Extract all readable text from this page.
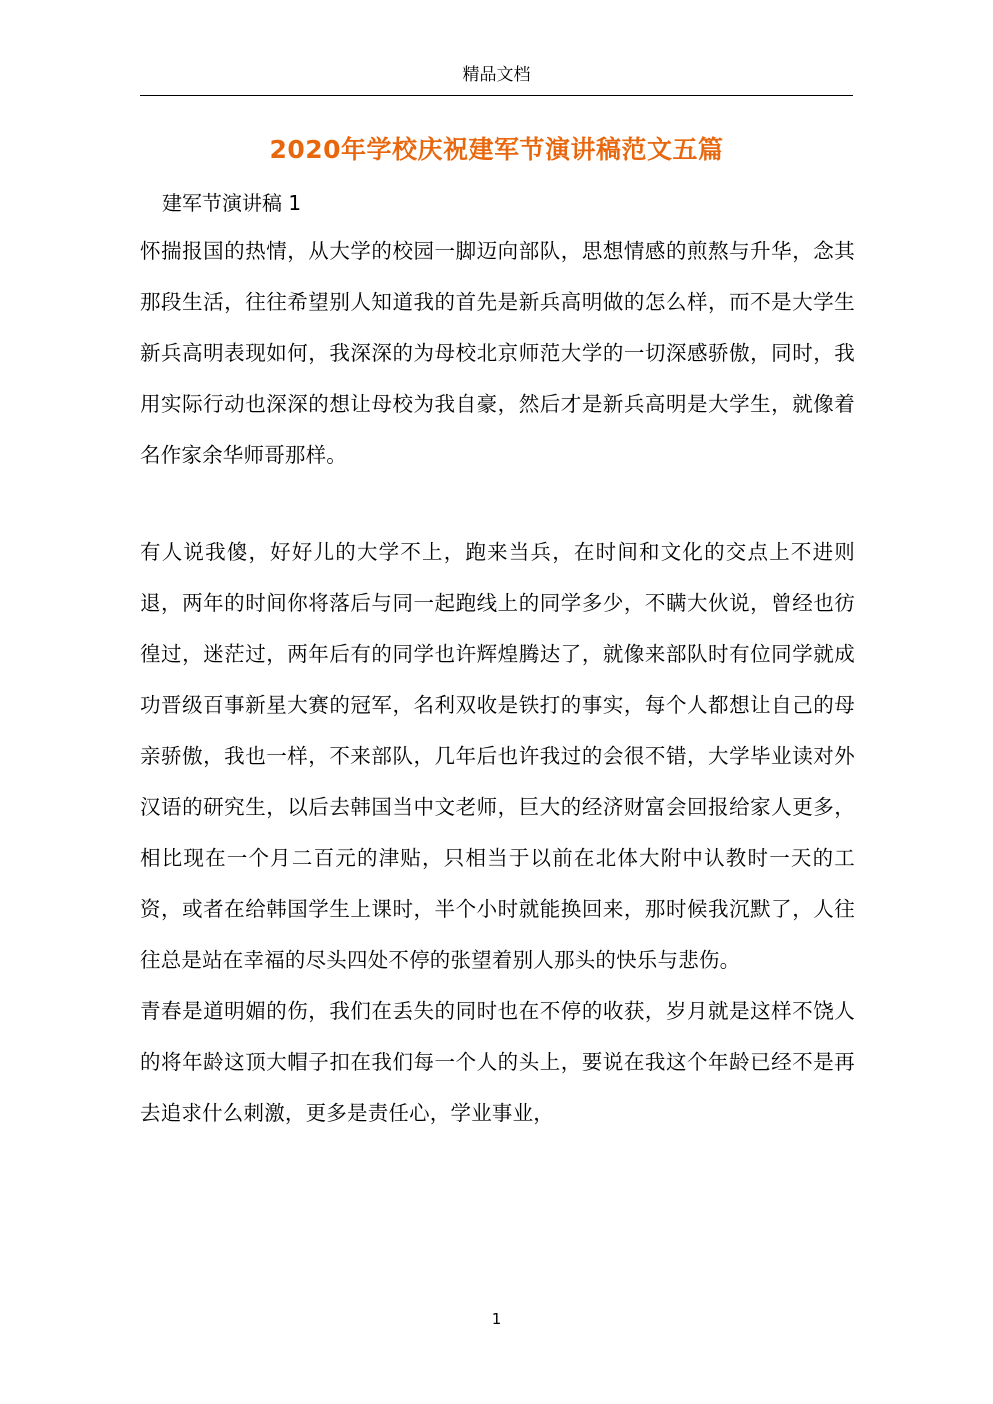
精品文档
2020年学校庆祝建军节演讲稿范文五篇
建军节演讲稿 1

怀揣报国的热情，从大学的校园一脚迈向部队，思想情感的煎熬与升华，念其那段生活，往往希望别人知道我的首先是新兵高明做的怎么样，而不是大学生新兵高明表现如何，我深深的为母校北京师范大学的一切深感骄傲，同时，我用实际行动也深深的想让母校为我自豪，然后才是新兵高明是大学生，就像着名作家余华师哥那样。

有人说我傻，好好儿的大学不上，跑来当兵，在时间和文化的交点上不进则退，两年的时间你将落后与同一起跑线上的同学多少，不瞒大伙说，曾经也彷徨过，迷茫过，两年后有的同学也许辉煌腾达了，就像来部队时有位同学就成功晋级百事新星大赛的冠军，名利双收是铁打的事实，每个人都想让自己的母亲骄傲，我也一样，不来部队，几年后也许我过的会很不错，大学毕业读对外汉语的研究生，以后去韩国当中文老师，巨大的经济财富会回报给家人更多，相比现在一个月二百元的津贴，只相当于以前在北体大附中认教时一天的工资，或者在给韩国学生上课时，半个小时就能换回来，那时候我沉默了，人往往总是站在幸福的尽头四处不停的张望着别人那头的快乐与悲伤。

青春是道明媚的伤，我们在丢失的同时也在不停的收获，岁月就是这样不饶人的将年龄这顶大帽子扣在我们每一个人的头上，要说在我这个年龄已经不是再去追求什么刺激，更多是责任心，学业事业，

1
